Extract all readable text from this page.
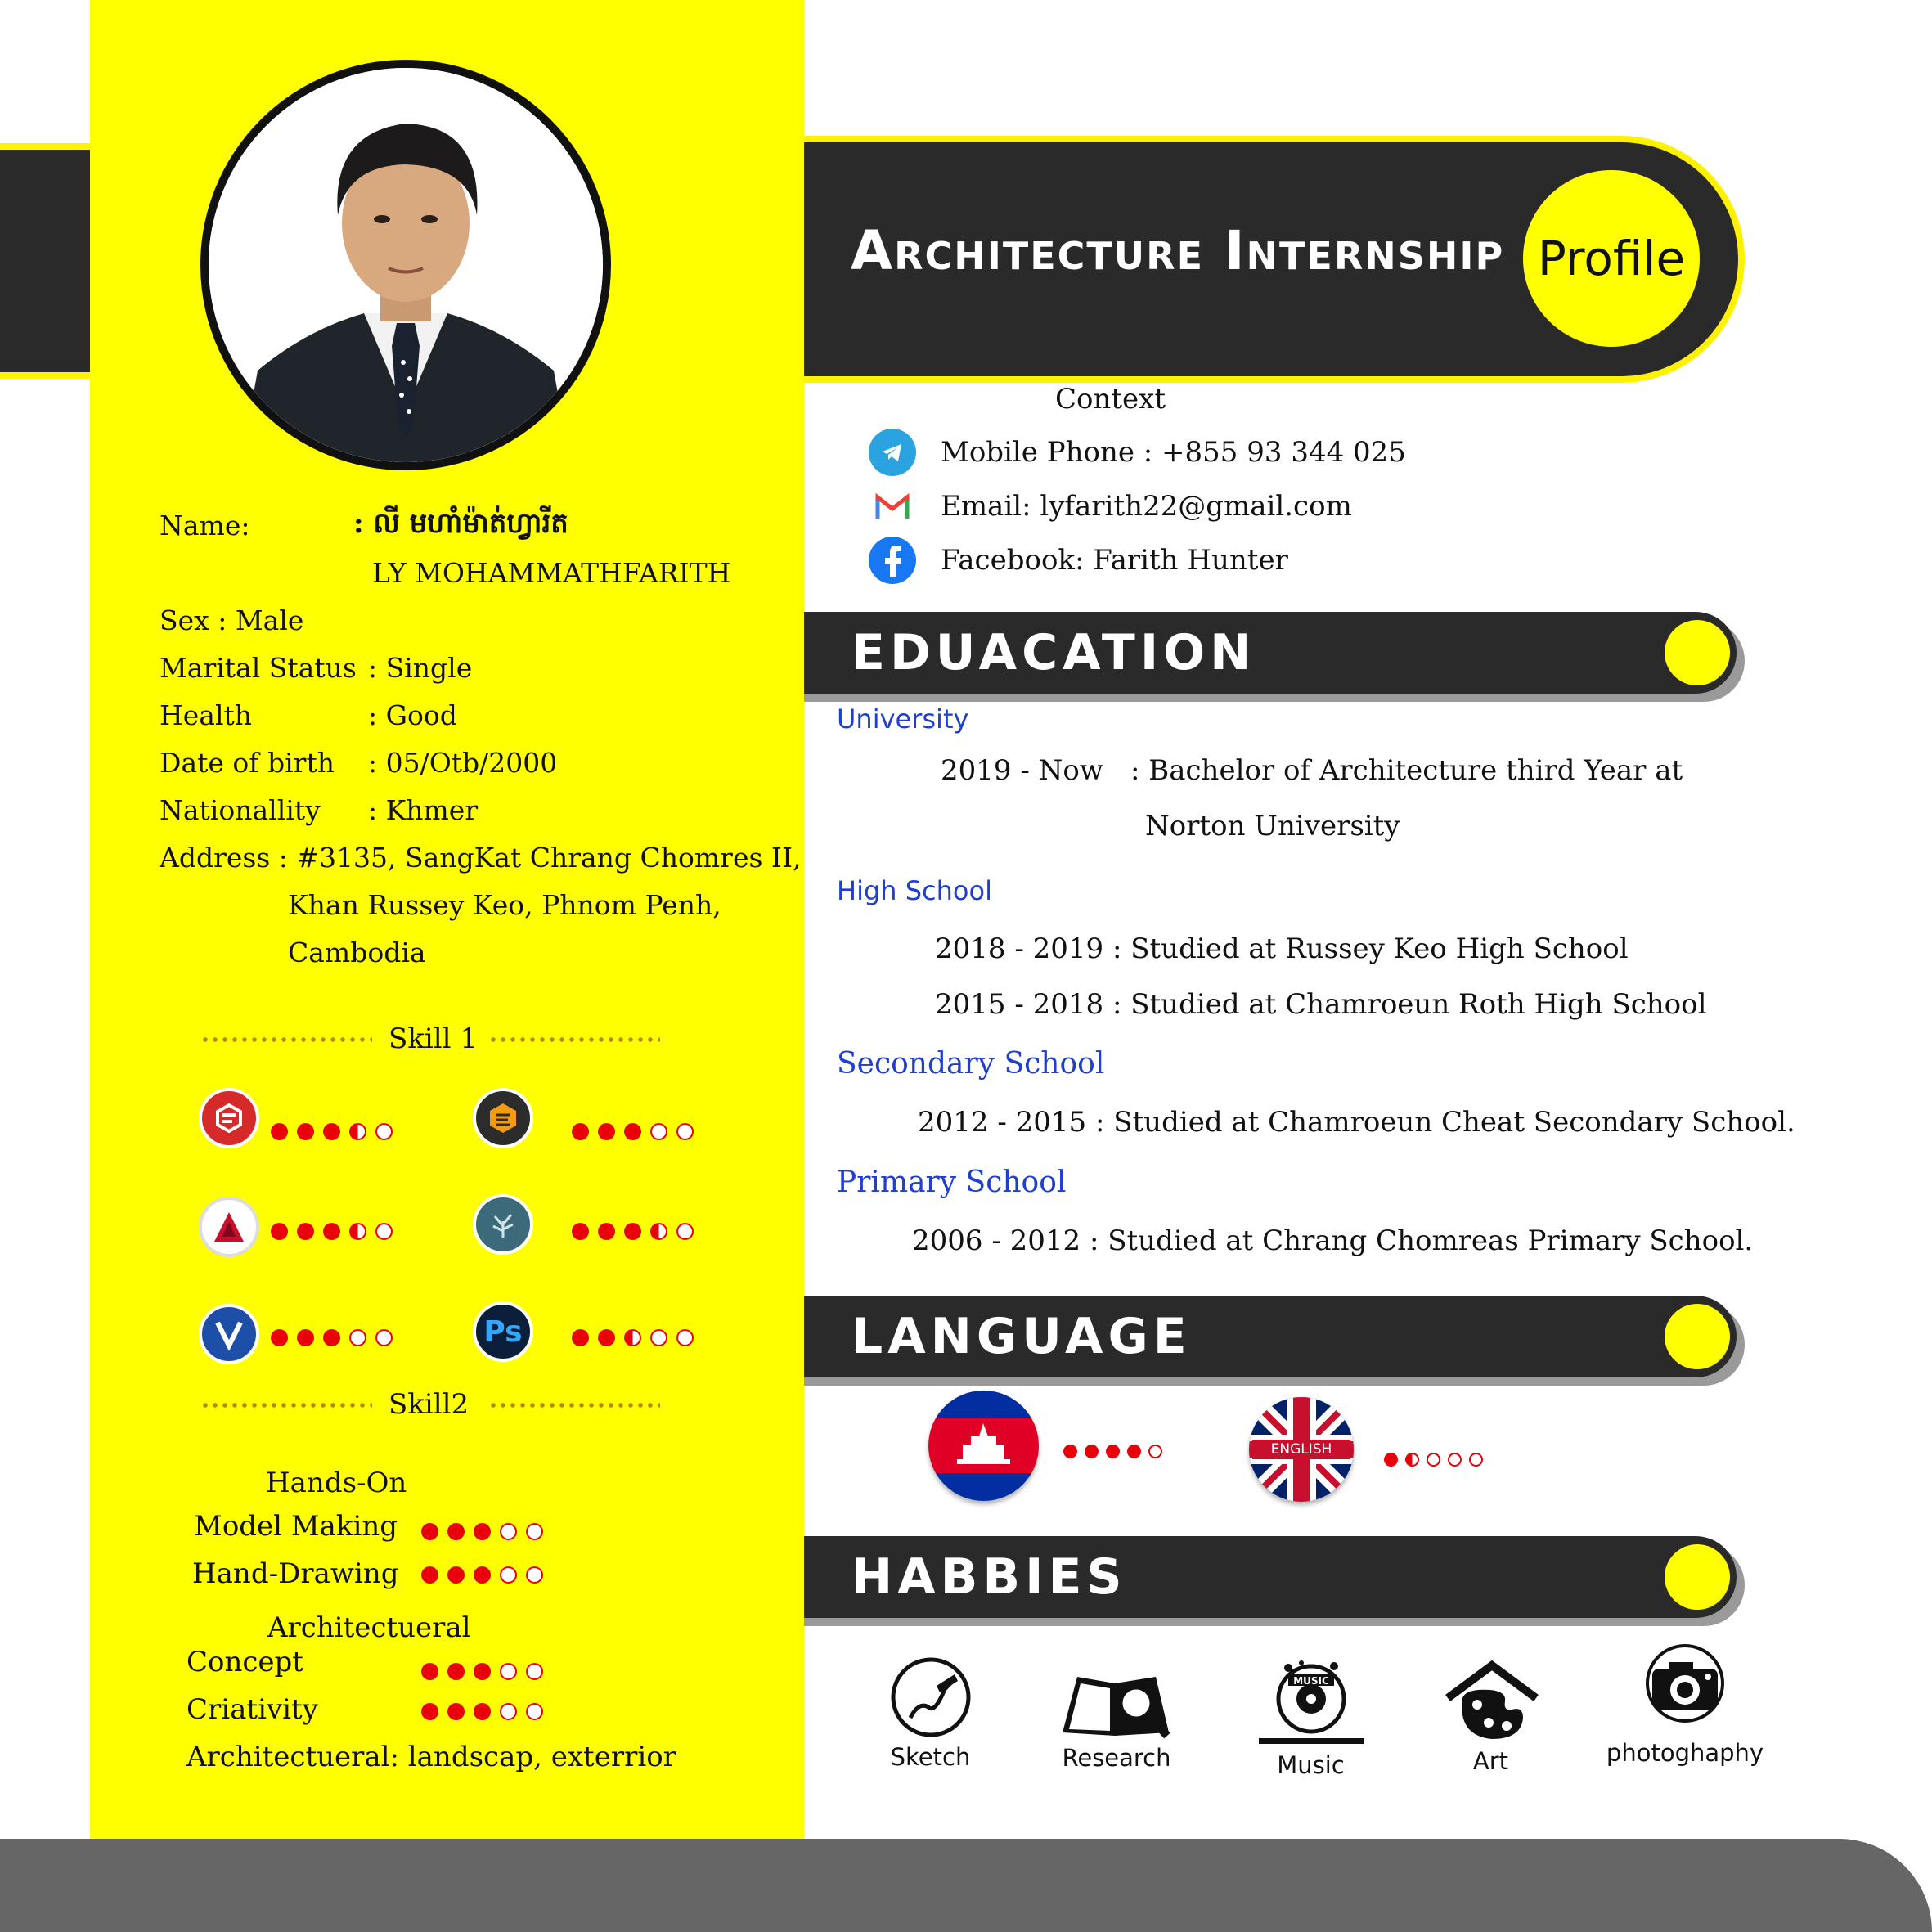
Architecture Internship Profile
Name:	: លី មហាំម៉ាត់ហ្វារីត
LY MOHAMMATHFARITH
Sex : Male
Marital Status : Single
Health	: Good
Date of birth : 05/Otb/2000
Nationallity : Khmer
Address : #3135, SangKat Chrang Chomres II,
Khan Russey Keo, Phnom Penh,
Cambodia
Skill 1
Ps
Skill2
Hands-On
Model Making
Hand-Drawing
Architectueral
Concept
Criativity
Architectueral: landscap, exterrior
Context
Mobile Phone : +855 93 344 025
Email: lyfarith22@gmail.com
Facebook: Farith Hunter
EDUACATION
University
2019 - Now : Bachelor of Architecture third Year at
Norton University
High School
2018 - 2019 : Studied at Russey Keo High School
2015 - 2018 : Studied at Chamroeun Roth High School
Secondary School
2012 - 2015 : Studied at Chamroeun Cheat Secondary School.
Primary School
2006 - 2012 : Studied at Chrang Chomreas Primary School.
LANGUAGE
ENGLISH
HABBIES
Sketch	Research
MUSIC
Music	Art	photoghaphy
